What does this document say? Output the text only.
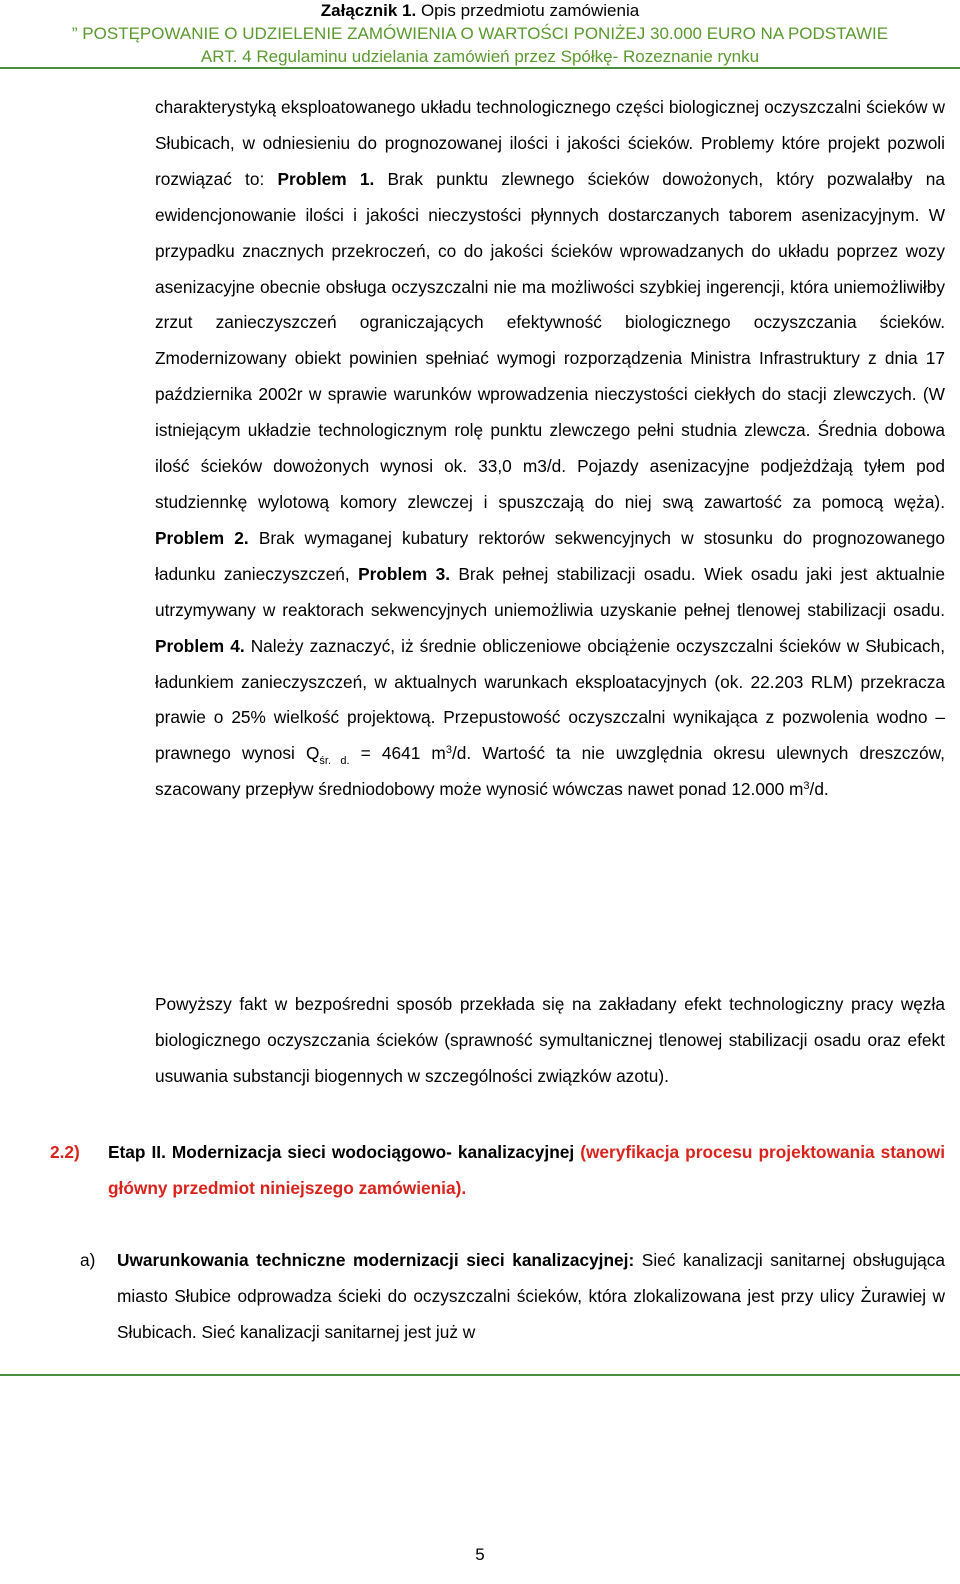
Załącznik 1. Opis przedmiotu zamówienia
” POSTĘPOWANIE O UDZIELENIE ZAMÓWIENIA O WARTOŚCI PONIŻEJ 30.000 EURO NA PODSTAWIE
ART. 4 Regulaminu udzielania zamówień przez Spółkę- Rozeznanie rynku
charakterystyką eksploatowanego układu technologicznego części biologicznej oczyszczalni ścieków w Słubicach, w odniesieniu do prognozowanej ilości i jakości ścieków. Problemy które projekt pozwoli rozwiązać to: Problem 1. Brak punktu zlewnego ścieków dowożonych, który pozwalałby na ewidencjonowanie ilości i jakości nieczystości płynnych dostarczanych taborem asenizacyjnym. W przypadku znacznych przekroczeń, co do jakości ścieków wprowadzanych do układu poprzez wozy asenizacyjne obecnie obsługa oczyszczalni nie ma możliwości szybkiej ingerencji, która uniemożliwiłby zrzut zanieczyszczeń ograniczających efektywność biologicznego oczyszczania ścieków. Zmodernizowany obiekt powinien spełniać wymogi rozporządzenia Ministra Infrastruktury z dnia 17 października 2002r w sprawie warunków wprowadzenia nieczystości ciekłych do stacji zlewczych. (W istniejącym układzie technologicznym rolę punktu zlewczego pełni studnia zlewcza. Średnia dobowa ilość ścieków dowożonych wynosi ok. 33,0 m3/d. Pojazdy asenizacyjne podjeżdżają tyłem pod studziennkę wylotową komory zlewczej i spuszczają do niej swą zawartość za pomocą węża). Problem 2. Brak wymaganej kubatury rektorów sekwencyjnych w stosunku do prognozowanego ładunku zanieczyszczeń, Problem 3. Brak pełnej stabilizacji osadu. Wiek osadu jaki jest aktualnie utrzymywany w reaktorach sekwencyjnych uniemożliwia uzyskanie pełnej tlenowej stabilizacji osadu. Problem 4. Należy zaznaczyć, iż średnie obliczeniowe obciążenie oczyszczalni ścieków w Słubicach, ładunkiem zanieczyszczeń, w aktualnych warunkach eksploatacyjnych (ok. 22.203 RLM) przekracza prawie o 25% wielkość projektową. Przepustowość oczyszczalni wynikająca z pozwolenia wodno – prawnego wynosi $Q_{śr. d.} = 4641$ $m^3/d$. Wartość ta nie uwzględnia okresu ulewnych dreszczów, szacowany przepływ średniodobowy może wynosić wówczas nawet ponad 12.000 $m^3/d$.
Powyższy fakt w bezpośredni sposób przekłada się na zakładany efekt technologiczny pracy węzła biologicznego oczyszczania ścieków (sprawność symultanicznej tlenowej stabilizacji osadu oraz efekt usuwania substancji biogennych w szczególności związków azotu).
2.2) Etap II. Modernizacja sieci wodociągowo- kanalizacyjnej (weryfikacja procesu projektowania stanowi główny przedmiot niniejszego zamówienia).
a) Uwarunkowania techniczne modernizacji sieci kanalizacyjnej: Sieć kanalizacji sanitarnej obsługująca miasto Słubice odprowadza ścieki do oczyszczalni ścieków, która zlokalizowana jest przy ulicy Żurawiej w Słubicach. Sieć kanalizacji sanitarnej jest już w
5
